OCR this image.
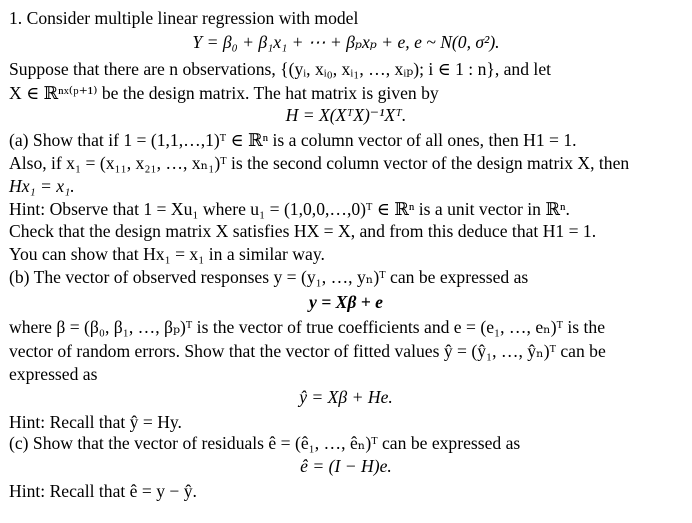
1. Consider multiple linear regression with model
Y = β₀ + β₁x₁ + ⋯ + βₚxₚ + e, e ~ N(0, σ²).
Suppose that there are n observations, {(yᵢ, xᵢ₀, xᵢ₁, …, xᵢₚ); i ∈ 1 : n}, and let
X ∈ ℝⁿˣ⁽ᵖ⁺¹⁾ be the design matrix. The hat matrix is given by
H = X(XᵀX)⁻¹Xᵀ.
(a) Show that if 1 = (1,1,…,1)ᵀ ∈ ℝⁿ is a column vector of all ones, then H1 = 1.
Also, if x₁ = (x₁₁, x₂₁, …, xₙ₁)ᵀ is the second column vector of the design matrix X, then
Hx₁ = x₁.
Hint: Observe that 1 = Xu₁ where u₁ = (1,0,0,…,0)ᵀ ∈ ℝⁿ is a unit vector in ℝⁿ.
Check that the design matrix X satisfies HX = X, and from this deduce that H1 = 1.
You can show that Hx₁ = x₁ in a similar way.
(b) The vector of observed responses y = (y₁, …, yₙ)ᵀ can be expressed as
y = Xβ + e
where β = (β₀, β₁, …, βₚ)ᵀ is the vector of true coefficients and e = (e₁, …, eₙ)ᵀ is the
vector of random errors. Show that the vector of fitted values ŷ = (ŷ₁, …, ŷₙ)ᵀ can be
expressed as
ŷ = Xβ + He.
Hint: Recall that ŷ = Hy.
(c) Show that the vector of residuals ê = (ê₁, …, êₙ)ᵀ can be expressed as
ê = (I − H)e.
Hint: Recall that ê = y − ŷ.
